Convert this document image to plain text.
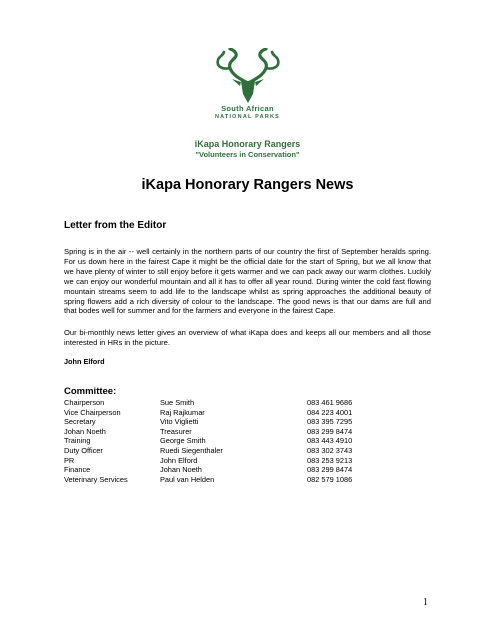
South African
NATIONAL PARKS
iKapa Honorary Rangers
"Volunteers in Conservation"
iKapa Honorary Rangers News
Letter from the Editor

Spring is in the air -- well certainly in the northern parts of our country the first of September heralds spring. For us down here in the fairest Cape it might be the official date for the start of Spring, but we all know that we have plenty of winter to still enjoy before it gets warmer and we can pack away our warm clothes. Luckily we can enjoy our wonderful mountain and all it has to offer all year round. During winter the cold fast flowing mountain streams seem to add life to the landscape whilst as spring approaches the additional beauty of spring flowers add a rich diversity of colour to the landscape. The good news is that our dams are full and that bodes well for summer and for the farmers and everyone in the fairest Cape.

Our bi-monthly news letter gives an overview of what iKapa does and keeps all our members and all those interested in HRs in the picture.

John Elford
Committee:
Chairperson	Sue Smith	083 461 9686
Vice Chairperson	Raj Rajkumar	084 223 4001
Secretary	Vito Viglietti	083 395 7295
Johan Noeth	Treasurer	083 299 8474
Training	George Smith	083 443 4910
Duty Officer	Ruedi Siegenthaler	083 302 3743
PR	John Elford	083 253 9213
Finance	Johan Noeth	083 299 8474
Veterinary Services	Paul van Helden	082 579 1086
1
